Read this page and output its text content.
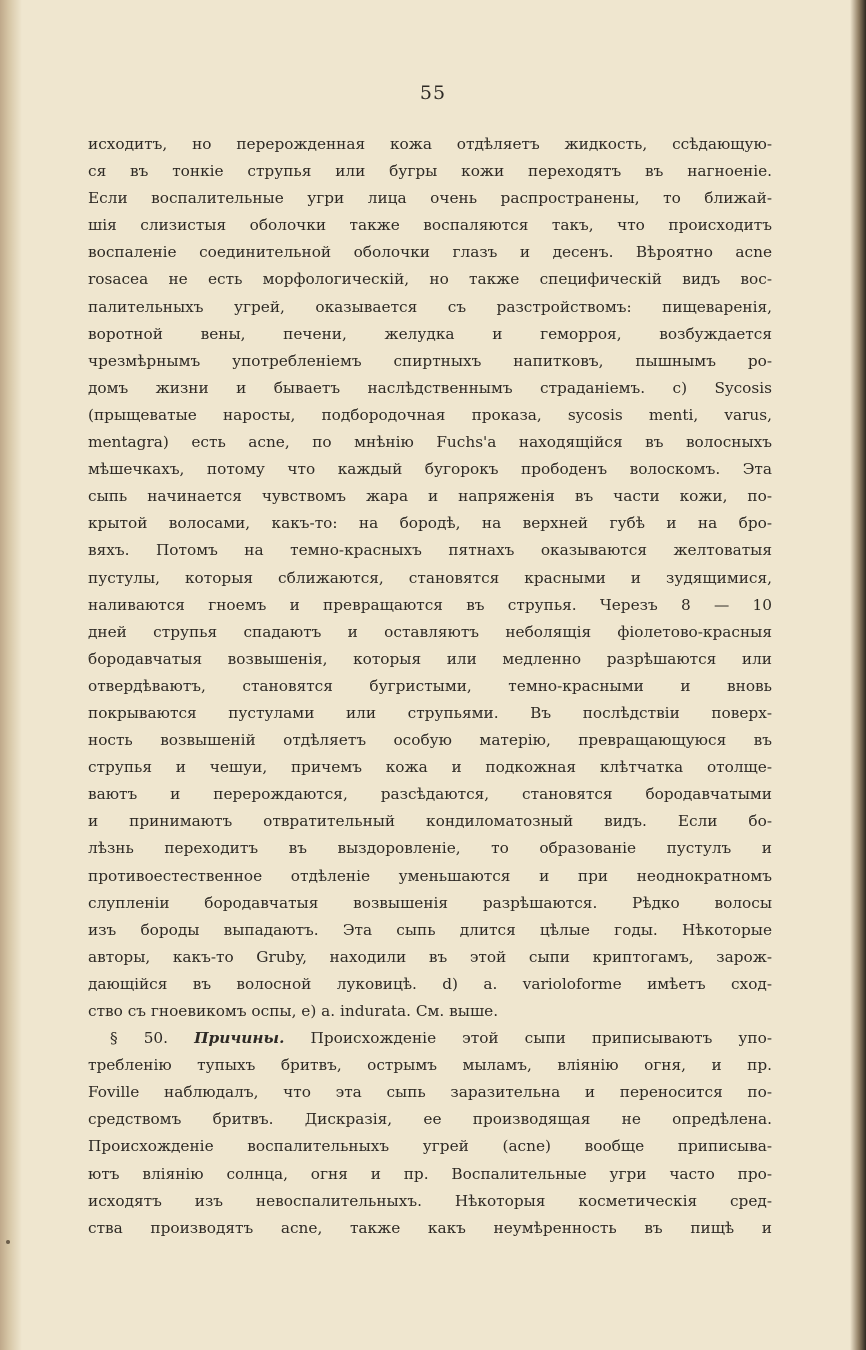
55
исходитъ, но перерожденная кожа отдѣляетъ жидкость, ссѣдающую-
ся въ тонкіе струпья или бугры кожи переходятъ въ нагноеніе.
Если воспалительные угри лица очень распространены, то ближай-
шія слизистыя оболочки также воспаляются такъ, что происходитъ
воспаленіе соединительной оболочки глазъ и десенъ. Вѣроятно acne
rosacea не есть морфологическій, но также специфическій видъ вос-
палительныхъ угрей, оказывается съ разстройствомъ: пищеваренія,
воротной вены, печени, желудка и геморроя, возбуждается
чрезмѣрнымъ употребленіемъ спиртныхъ напитковъ, пышнымъ ро-
домъ жизни и бываетъ наслѣдственнымъ страданіемъ. с) Sycosis
(прыщеватые наросты, подбородочная проказа, sycosis menti, varus,
mentagra) есть acne, по мнѣнію Fuchs'a находящійся въ волосныхъ
мѣшечкахъ, потому что каждый бугорокъ прободенъ волоскомъ. Эта
сыпь начинается чувствомъ жара и напряженія въ части кожи, по-
крытой волосами, какъ-то: на бородѣ, на верхней губѣ и на бро-
вяхъ. Потомъ на темно-красныхъ пятнахъ оказываются желтоватыя
пустулы, которыя сближаются, становятся красными и зудящимися,
наливаются гноемъ и превращаются въ струпья. Черезъ 8 — 10
дней струпья спадаютъ и оставляютъ неболящія фіолетово-красныя
бородавчатыя возвышенія, которыя или медленно разрѣшаются или
отвердѣваютъ, становятся бугристыми, темно-красными и вновь
покрываются пустулами или струпьями. Въ послѣдствіи поверх-
ность возвышеній отдѣляетъ особую матерію, превращающуюся въ
струпья и чешуи, причемъ кожа и подкожная клѣтчатка отолще-
ваютъ и перерождаются, разсѣдаются, становятся бородавчатыми
и принимаютъ отвратительный кондиломатозный видъ. Если бо-
лѣзнь переходитъ въ выздоровленіе, то образованіе пустулъ и
противоестественное отдѣленіе уменьшаются и при неоднократномъ
слупленіи бородавчатыя возвышенія разрѣшаются. Рѣдко волосы
изъ бороды выпадаютъ. Эта сыпь длится цѣлые годы. Нѣкоторые
авторы, какъ-то Gruby, находили въ этой сыпи криптогамъ, зарож-
дающійся въ волосной луковицѣ. d) a. varioloforme имѣетъ сход-
ство съ гноевикомъ оспы, е) a. indurata. См. выше.
§ 50. Причины. Происхожденіе этой сыпи приписываютъ упо-
требленію тупыхъ бритвъ, острымъ мыламъ, вліянію огня, и пр.
Foville наблюдалъ, что эта сыпь заразительна и переносится по-
средствомъ бритвъ. Дискразія, ее производящая не опредѣлена.
Происхожденіе воспалительныхъ угрей (acne) вообще приписыва-
ютъ вліянію солнца, огня и пр. Воспалительные угри часто про-
исходятъ изъ невоспалительныхъ. Нѣкоторыя косметическія сред-
ства производятъ acne, также какъ неумѣренность въ пищѣ и
